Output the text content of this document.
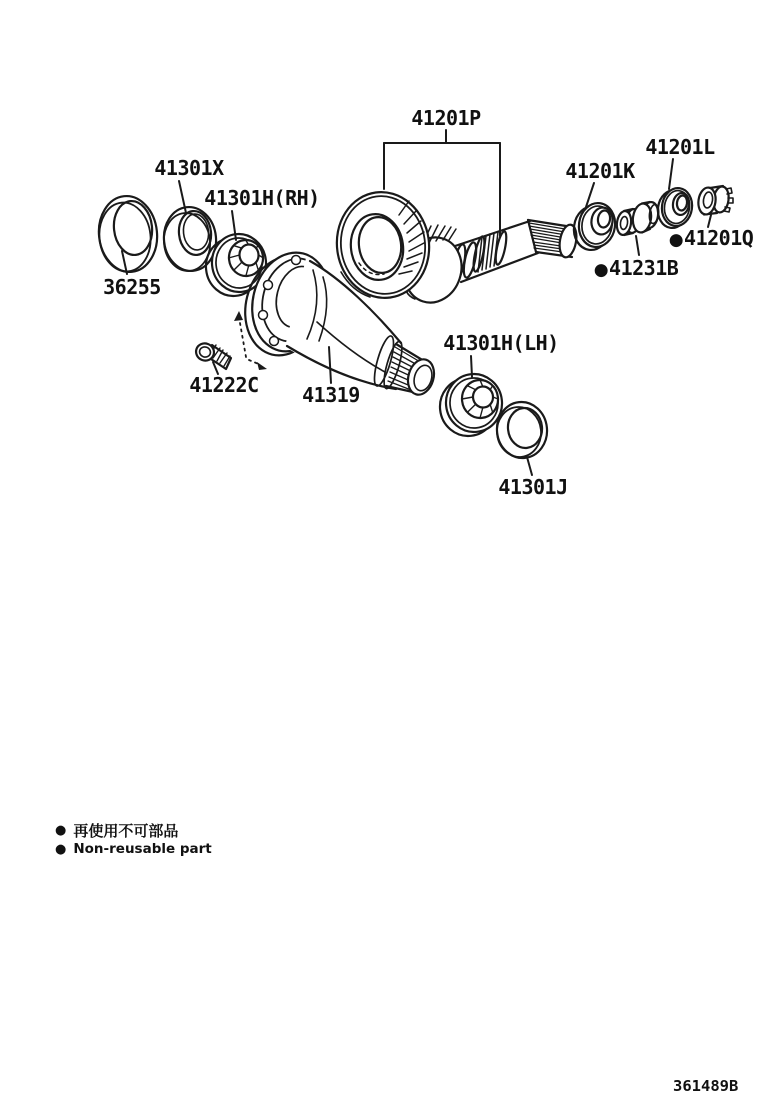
41201P
41301X
41301H(RH)
36255
41222C 41319
41201K
●41231B
41201L
●41201Q
41301H(LH)
41301J
● 再使用不可部品
● Non-reusable part
361489B
